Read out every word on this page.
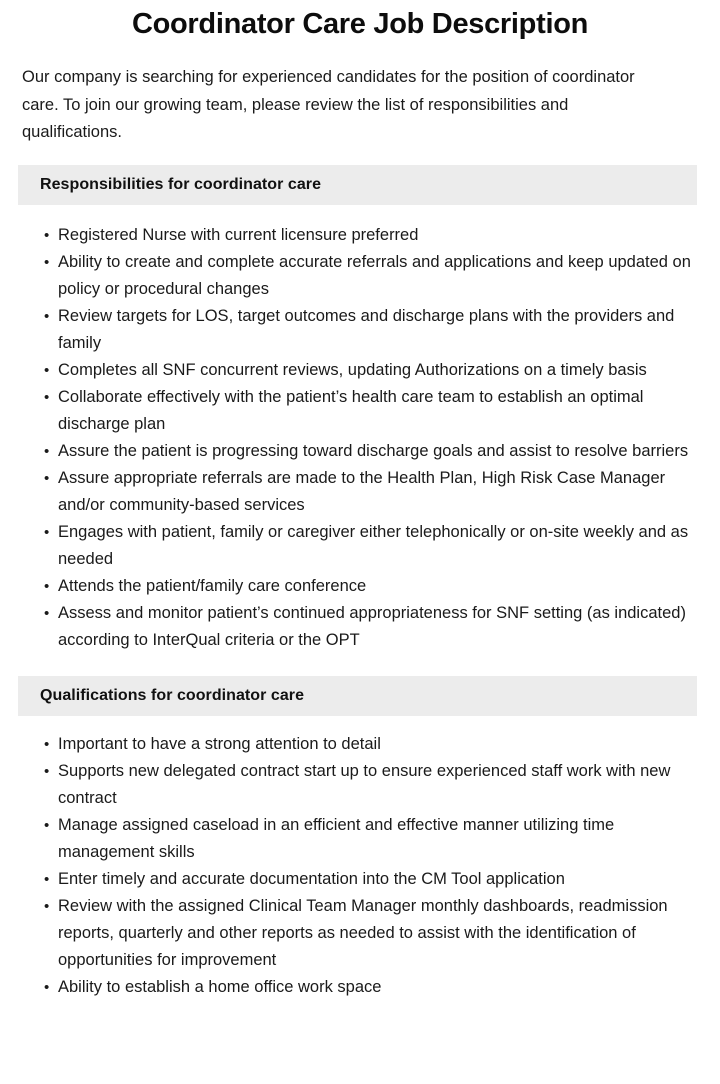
Coordinator Care Job Description

Our company is searching for experienced candidates for the position of coordinator care. To join our growing team, please review the list of responsibilities and qualifications.

Responsibilities for coordinator care
• Registered Nurse with current licensure preferred
• Ability to create and complete accurate referrals and applications and keep updated on policy or procedural changes
• Review targets for LOS, target outcomes and discharge plans with the providers and family
• Completes all SNF concurrent reviews, updating Authorizations on a timely basis
• Collaborate effectively with the patient’s health care team to establish an optimal discharge plan
• Assure the patient is progressing toward discharge goals and assist to resolve barriers
• Assure appropriate referrals are made to the Health Plan, High Risk Case Manager and/or community-based services
• Engages with patient, family or caregiver either telephonically or on-site weekly and as needed
• Attends the patient/family care conference
• Assess and monitor patient’s continued appropriateness for SNF setting (as indicated) according to InterQual criteria or the OPT
Qualifications for coordinator care
• Important to have a strong attention to detail
• Supports new delegated contract start up to ensure experienced staff work with new contract
• Manage assigned caseload in an efficient and effective manner utilizing time management skills
• Enter timely and accurate documentation into the CM Tool application
• Review with the assigned Clinical Team Manager monthly dashboards, readmission reports, quarterly and other reports as needed to assist with the identification of opportunities for improvement
• Ability to establish a home office work space
